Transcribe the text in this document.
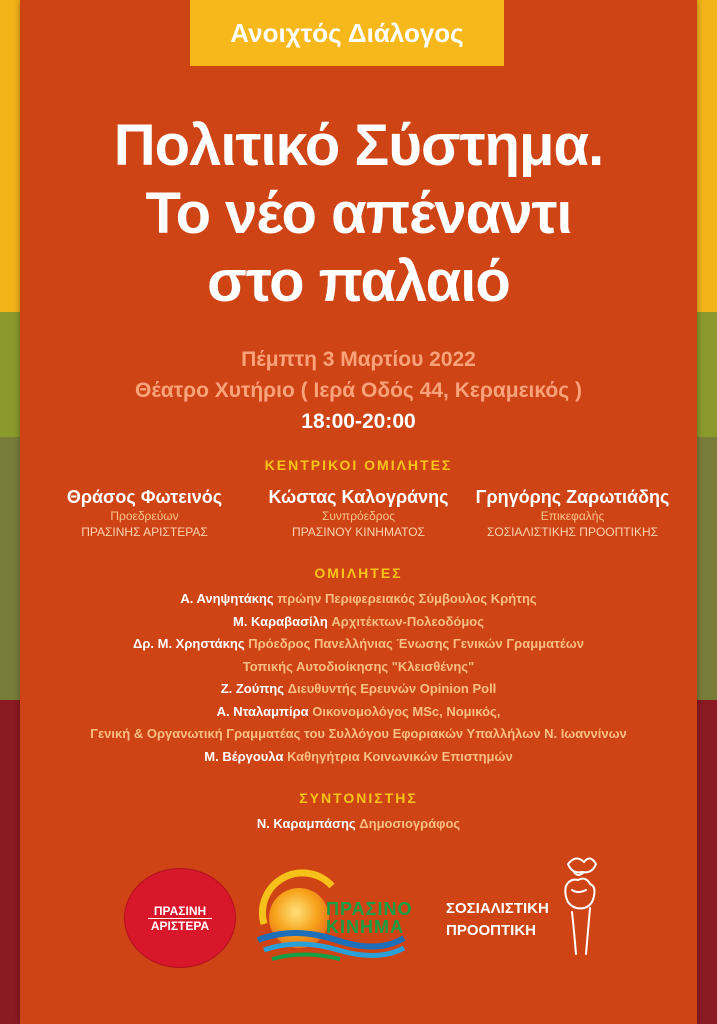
Ανοιχτός Διάλογος
Πολιτικό Σύστημα.
Το νέο απέναντι
στο παλαιό
Πέμπτη 3 Μαρτίου 2022
Θέατρο Χυτήριο ( Ιερά Οδός 44, Κεραμεικός )
18:00-20:00
ΚΕΝΤΡΙΚΟΙ ΟΜΙΛΗΤΕΣ
Θράσος Φωτεινός
Προεδρεύων
ΠΡΑΣΙΝΗΣ ΑΡΙΣΤΕΡΑΣ
Κώστας Καλογράνης
Συνπρόεδρος
ΠΡΑΣΙΝΟΥ ΚΙΝΗΜΑΤΟΣ
Γρηγόρης Ζαρωτιάδης
Επικεφαλής
ΣΟΣΙΑΛΙΣΤΙΚΗΣ ΠΡΟΟΠΤΙΚΗΣ
ΟΜΙΛΗΤΕΣ
Α. Ανηψητάκης πρώην Περιφερειακός Σύμβουλος Κρήτης
Μ. Καραβασίλη Αρχιτέκτων-Πολεοδόμος
Δρ. Μ. Χρηστάκης Πρόεδρος Πανελλήνιας Ένωσης Γενικών Γραμματέων
Τοπικής Αυτοδιοίκησης "Κλεισθένης"
Ζ. Ζούπης Διευθυντής Ερευνών Opinion Poll
Α. Νταλαμπίρα Οικονομολόγος MSc, Νομικός,
Γενική & Οργανωτική Γραμματέας του Συλλόγου Εφοριακών Υπαλλήλων Ν. Ιωαννίνων
Μ. Βέργουλα Καθηγήτρια Κοινωνικών Επιστημών
ΣΥΝΤΟΝΙΣΤΗΣ
Ν. Καραμπάσης Δημοσιογράφος
ΠΡΑΣΙΝΗ
ΑΡΙΣΤΕΡΑ
ΠΡΑΣΙΝΟ
ΚΙΝΗΜΑ
ΣΟΣΙΑΛΙΣΤΙΚΗ
ΠΡΟΟΠΤΙΚΗ
